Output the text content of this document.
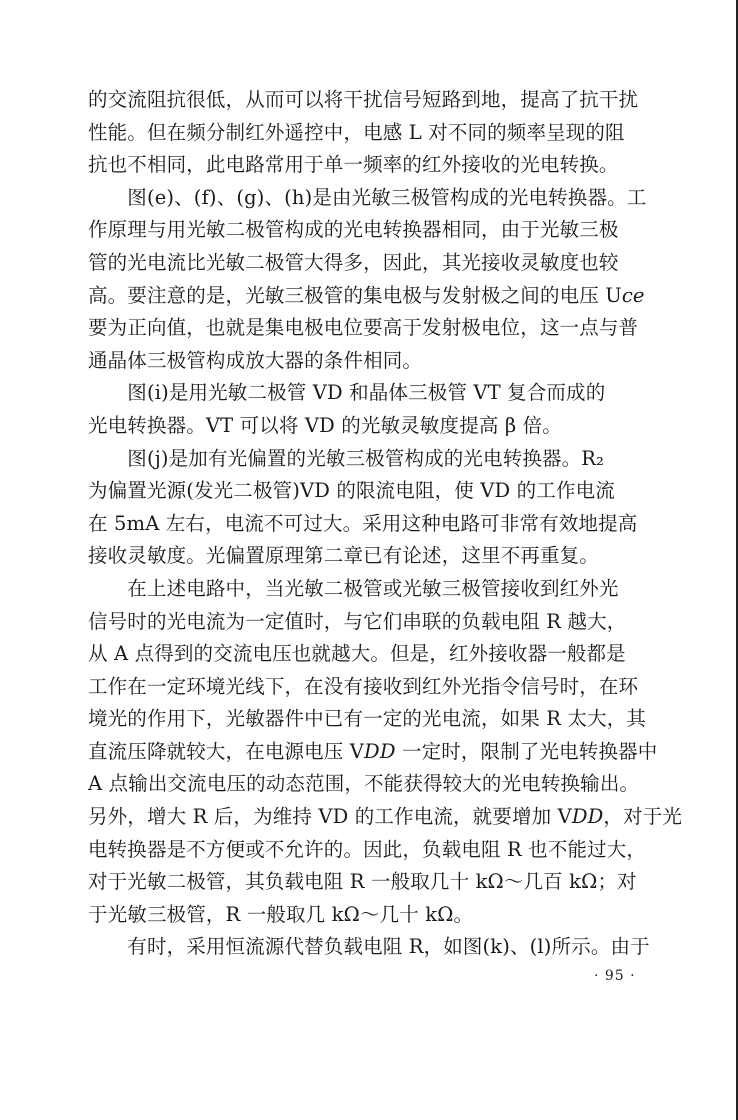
的交流阻抗很低，从而可以将干扰信号短路到地，提高了抗干扰
性能。但在频分制红外遥控中，电感 L 对不同的频率呈现的阻
抗也不相同，此电路常用于单一频率的红外接收的光电转换。
　　图(e)、(f)、(g)、(h)是由光敏三极管构成的光电转换器。工
作原理与用光敏二极管构成的光电转换器相同，由于光敏三极
管的光电流比光敏二极管大得多，因此，其光接收灵敏度也较
高。要注意的是，光敏三极管的集电极与发射极之间的电压 U𝑐𝑒
要为正向值，也就是集电极电位要高于发射极电位，这一点与普
通晶体三极管构成放大器的条件相同。
　　图(i)是用光敏二极管 VD 和晶体三极管 VT 复合而成的
光电转换器。VT 可以将 VD 的光敏灵敏度提高 β 倍。
　　图(j)是加有光偏置的光敏三极管构成的光电转换器。R₂
为偏置光源(发光二极管)VD 的限流电阻，使 VD 的工作电流
在 5mA 左右，电流不可过大。采用这种电路可非常有效地提高
接收灵敏度。光偏置原理第二章已有论述，这里不再重复。
　　在上述电路中，当光敏二极管或光敏三极管接收到红外光
信号时的光电流为一定值时，与它们串联的负载电阻 R 越大，
从 A 点得到的交流电压也就越大。但是，红外接收器一般都是
工作在一定环境光线下，在没有接收到红外光指令信号时，在环
境光的作用下，光敏器件中已有一定的光电流，如果 R 太大，其
直流压降就较大，在电源电压 V𝐷𝐷 一定时，限制了光电转换器中
A 点输出交流电压的动态范围，不能获得较大的光电转换输出。
另外，增大 R 后，为维持 VD 的工作电流，就要增加 V𝐷𝐷，对于光
电转换器是不方便或不允许的。因此，负载电阻 R 也不能过大，
对于光敏二极管，其负载电阻 R 一般取几十 kΩ～几百 kΩ；对
于光敏三极管，R 一般取几 kΩ～几十 kΩ。
　　有时，采用恒流源代替负载电阻 R，如图(k)、(l)所示。由于
· 95 ·
